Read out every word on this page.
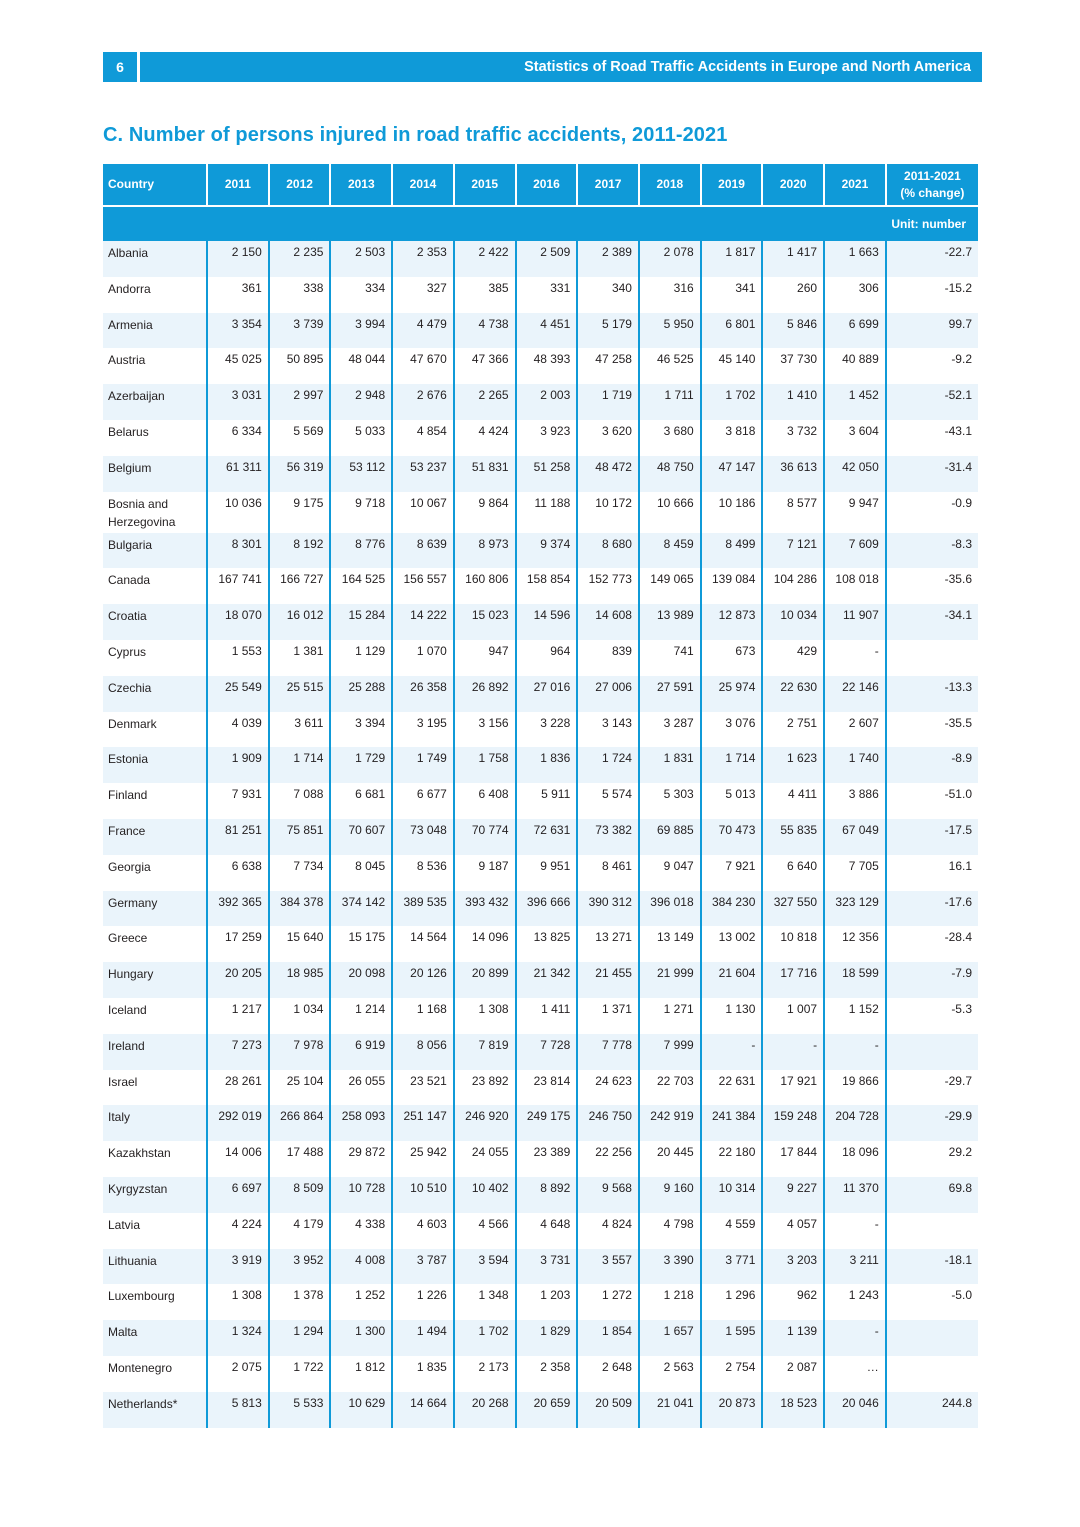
6	Statistics of Road Traffic Accidents in Europe and North America
C. Number of persons injured in road traffic accidents, 2011-2021
Country	2011	2012	2013	2014	2015	2016	2017	2018	2019	2020	2021	2011-2021
(% change)
Unit: number												
Albania	2 150	2 235	2 503	2 353	2 422	2 509	2 389	2 078	1 817	1 417	1 663	-22.7
Andorra	361	338	334	327	385	331	340	316	341	260	306	-15.2
Armenia	3 354	3 739	3 994	4 479	4 738	4 451	5 179	5 950	6 801	5 846	6 699	99.7
Austria	45 025	50 895	48 044	47 670	47 366	48 393	47 258	46 525	45 140	37 730	40 889	-9.2
Azerbaijan	3 031	2 997	2 948	2 676	2 265	2 003	1 719	1 711	1 702	1 410	1 452	-52.1
Belarus	6 334	5 569	5 033	4 854	4 424	3 923	3 620	3 680	3 818	3 732	3 604	-43.1
Belgium	61 311	56 319	53 112	53 237	51 831	51 258	48 472	48 750	47 147	36 613	42 050	-31.4
Bosnia and Herzegovina	10 036	9 175	9 718	10 067	9 864	11 188	10 172	10 666	10 186	8 577	9 947	-0.9
Bulgaria	8 301	8 192	8 776	8 639	8 973	9 374	8 680	8 459	8 499	7 121	7 609	-8.3
Canada	167 741	166 727	164 525	156 557	160 806	158 854	152 773	149 065	139 084	104 286	108 018	-35.6
Croatia	18 070	16 012	15 284	14 222	15 023	14 596	14 608	13 989	12 873	10 034	11 907	-34.1
Cyprus	1 553	1 381	1 129	1 070	947	964	839	741	673	429	-	
Czechia	25 549	25 515	25 288	26 358	26 892	27 016	27 006	27 591	25 974	22 630	22 146	-13.3
Denmark	4 039	3 611	3 394	3 195	3 156	3 228	3 143	3 287	3 076	2 751	2 607	-35.5
Estonia	1 909	1 714	1 729	1 749	1 758	1 836	1 724	1 831	1 714	1 623	1 740	-8.9
Finland	7 931	7 088	6 681	6 677	6 408	5 911	5 574	5 303	5 013	4 411	3 886	-51.0
France	81 251	75 851	70 607	73 048	70 774	72 631	73 382	69 885	70 473	55 835	67 049	-17.5
Georgia	6 638	7 734	8 045	8 536	9 187	9 951	8 461	9 047	7 921	6 640	7 705	16.1
Germany	392 365	384 378	374 142	389 535	393 432	396 666	390 312	396 018	384 230	327 550	323 129	-17.6
Greece	17 259	15 640	15 175	14 564	14 096	13 825	13 271	13 149	13 002	10 818	12 356	-28.4
Hungary	20 205	18 985	20 098	20 126	20 899	21 342	21 455	21 999	21 604	17 716	18 599	-7.9
Iceland	1 217	1 034	1 214	1 168	1 308	1 411	1 371	1 271	1 130	1 007	1 152	-5.3
Ireland	7 273	7 978	6 919	8 056	7 819	7 728	7 778	7 999	-	-	-	
Israel	28 261	25 104	26 055	23 521	23 892	23 814	24 623	22 703	22 631	17 921	19 866	-29.7
Italy	292 019	266 864	258 093	251 147	246 920	249 175	246 750	242 919	241 384	159 248	204 728	-29.9
Kazakhstan	14 006	17 488	29 872	25 942	24 055	23 389	22 256	20 445	22 180	17 844	18 096	29.2
Kyrgyzstan	6 697	8 509	10 728	10 510	10 402	8 892	9 568	9 160	10 314	9 227	11 370	69.8
Latvia	4 224	4 179	4 338	4 603	4 566	4 648	4 824	4 798	4 559	4 057	-	
Lithuania	3 919	3 952	4 008	3 787	3 594	3 731	3 557	3 390	3 771	3 203	3 211	-18.1
Luxembourg	1 308	1 378	1 252	1 226	1 348	1 203	1 272	1 218	1 296	962	1 243	-5.0
Malta	1 324	1 294	1 300	1 494	1 702	1 829	1 854	1 657	1 595	1 139	-	
Montenegro	2 075	1 722	1 812	1 835	2 173	2 358	2 648	2 563	2 754	2 087	…	
Netherlands*	5 813	5 533	10 629	14 664	20 268	20 659	20 509	21 041	20 873	18 523	20 046	244.8
